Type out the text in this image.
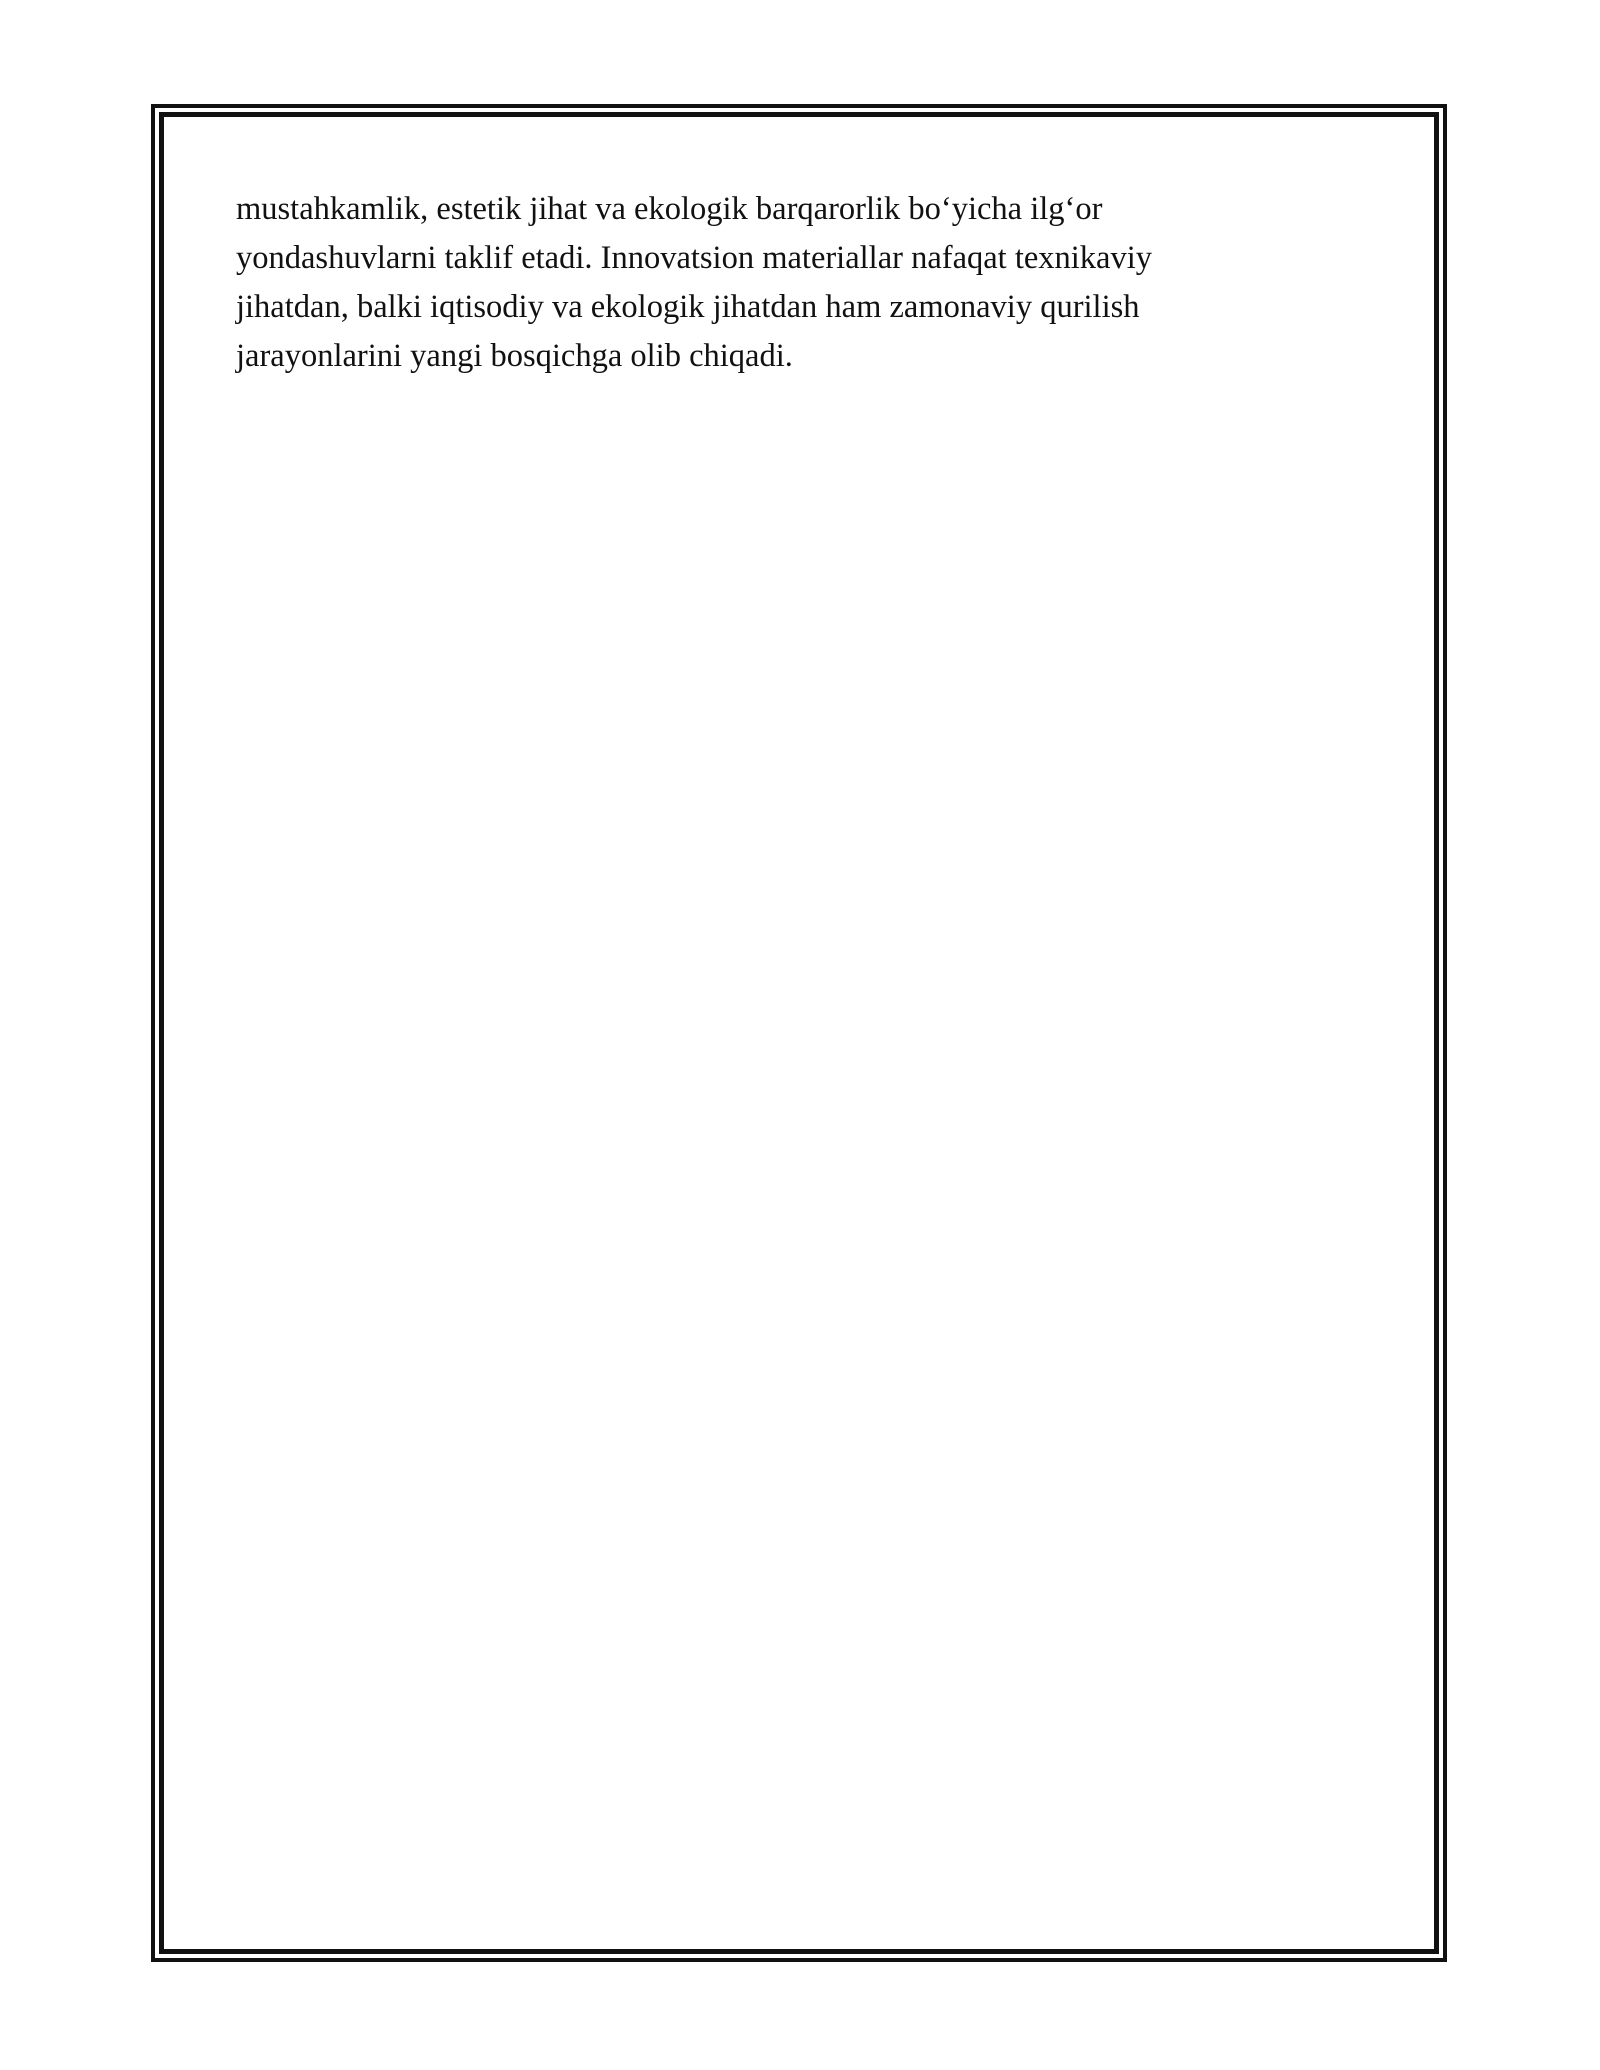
mustahkamlik, estetik jihat va ekologik barqarorlik bo‘yicha ilg‘or
yondashuvlarni taklif etadi. Innovatsion materiallar nafaqat texnikaviy
jihatdan, balki iqtisodiy va ekologik jihatdan ham zamonaviy qurilish
jarayonlarini yangi bosqichga olib chiqadi.
